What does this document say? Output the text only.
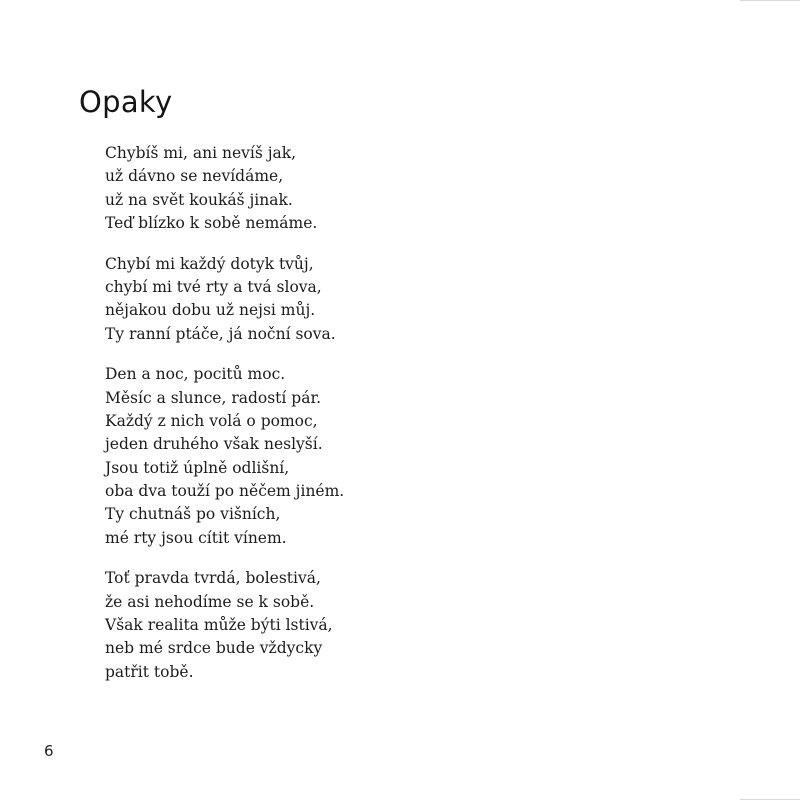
Opaky
Chybíš mi, ani nevíš jak,
už dávno se nevídáme,
už na svět koukáš jinak.
Teď blízko k sobě nemáme.
Chybí mi každý dotyk tvůj,
chybí mi tvé rty a tvá slova,
nějakou dobu už nejsi můj.
Ty ranní ptáče, já noční sova.
Den a noc, pocitů moc.
Měsíc a slunce, radostí pár.
Každý z nich volá o pomoc,
jeden druhého však neslyší.
Jsou totiž úplně odlišní,
oba dva touží po něčem jiném.
Ty chutnáš po višních,
mé rty jsou cítit vínem.
Toť pravda tvrdá, bolestivá,
že asi nehodíme se k sobě.
Však realita může býti lstivá,
neb mé srdce bude vždycky
patřit tobě.
6
